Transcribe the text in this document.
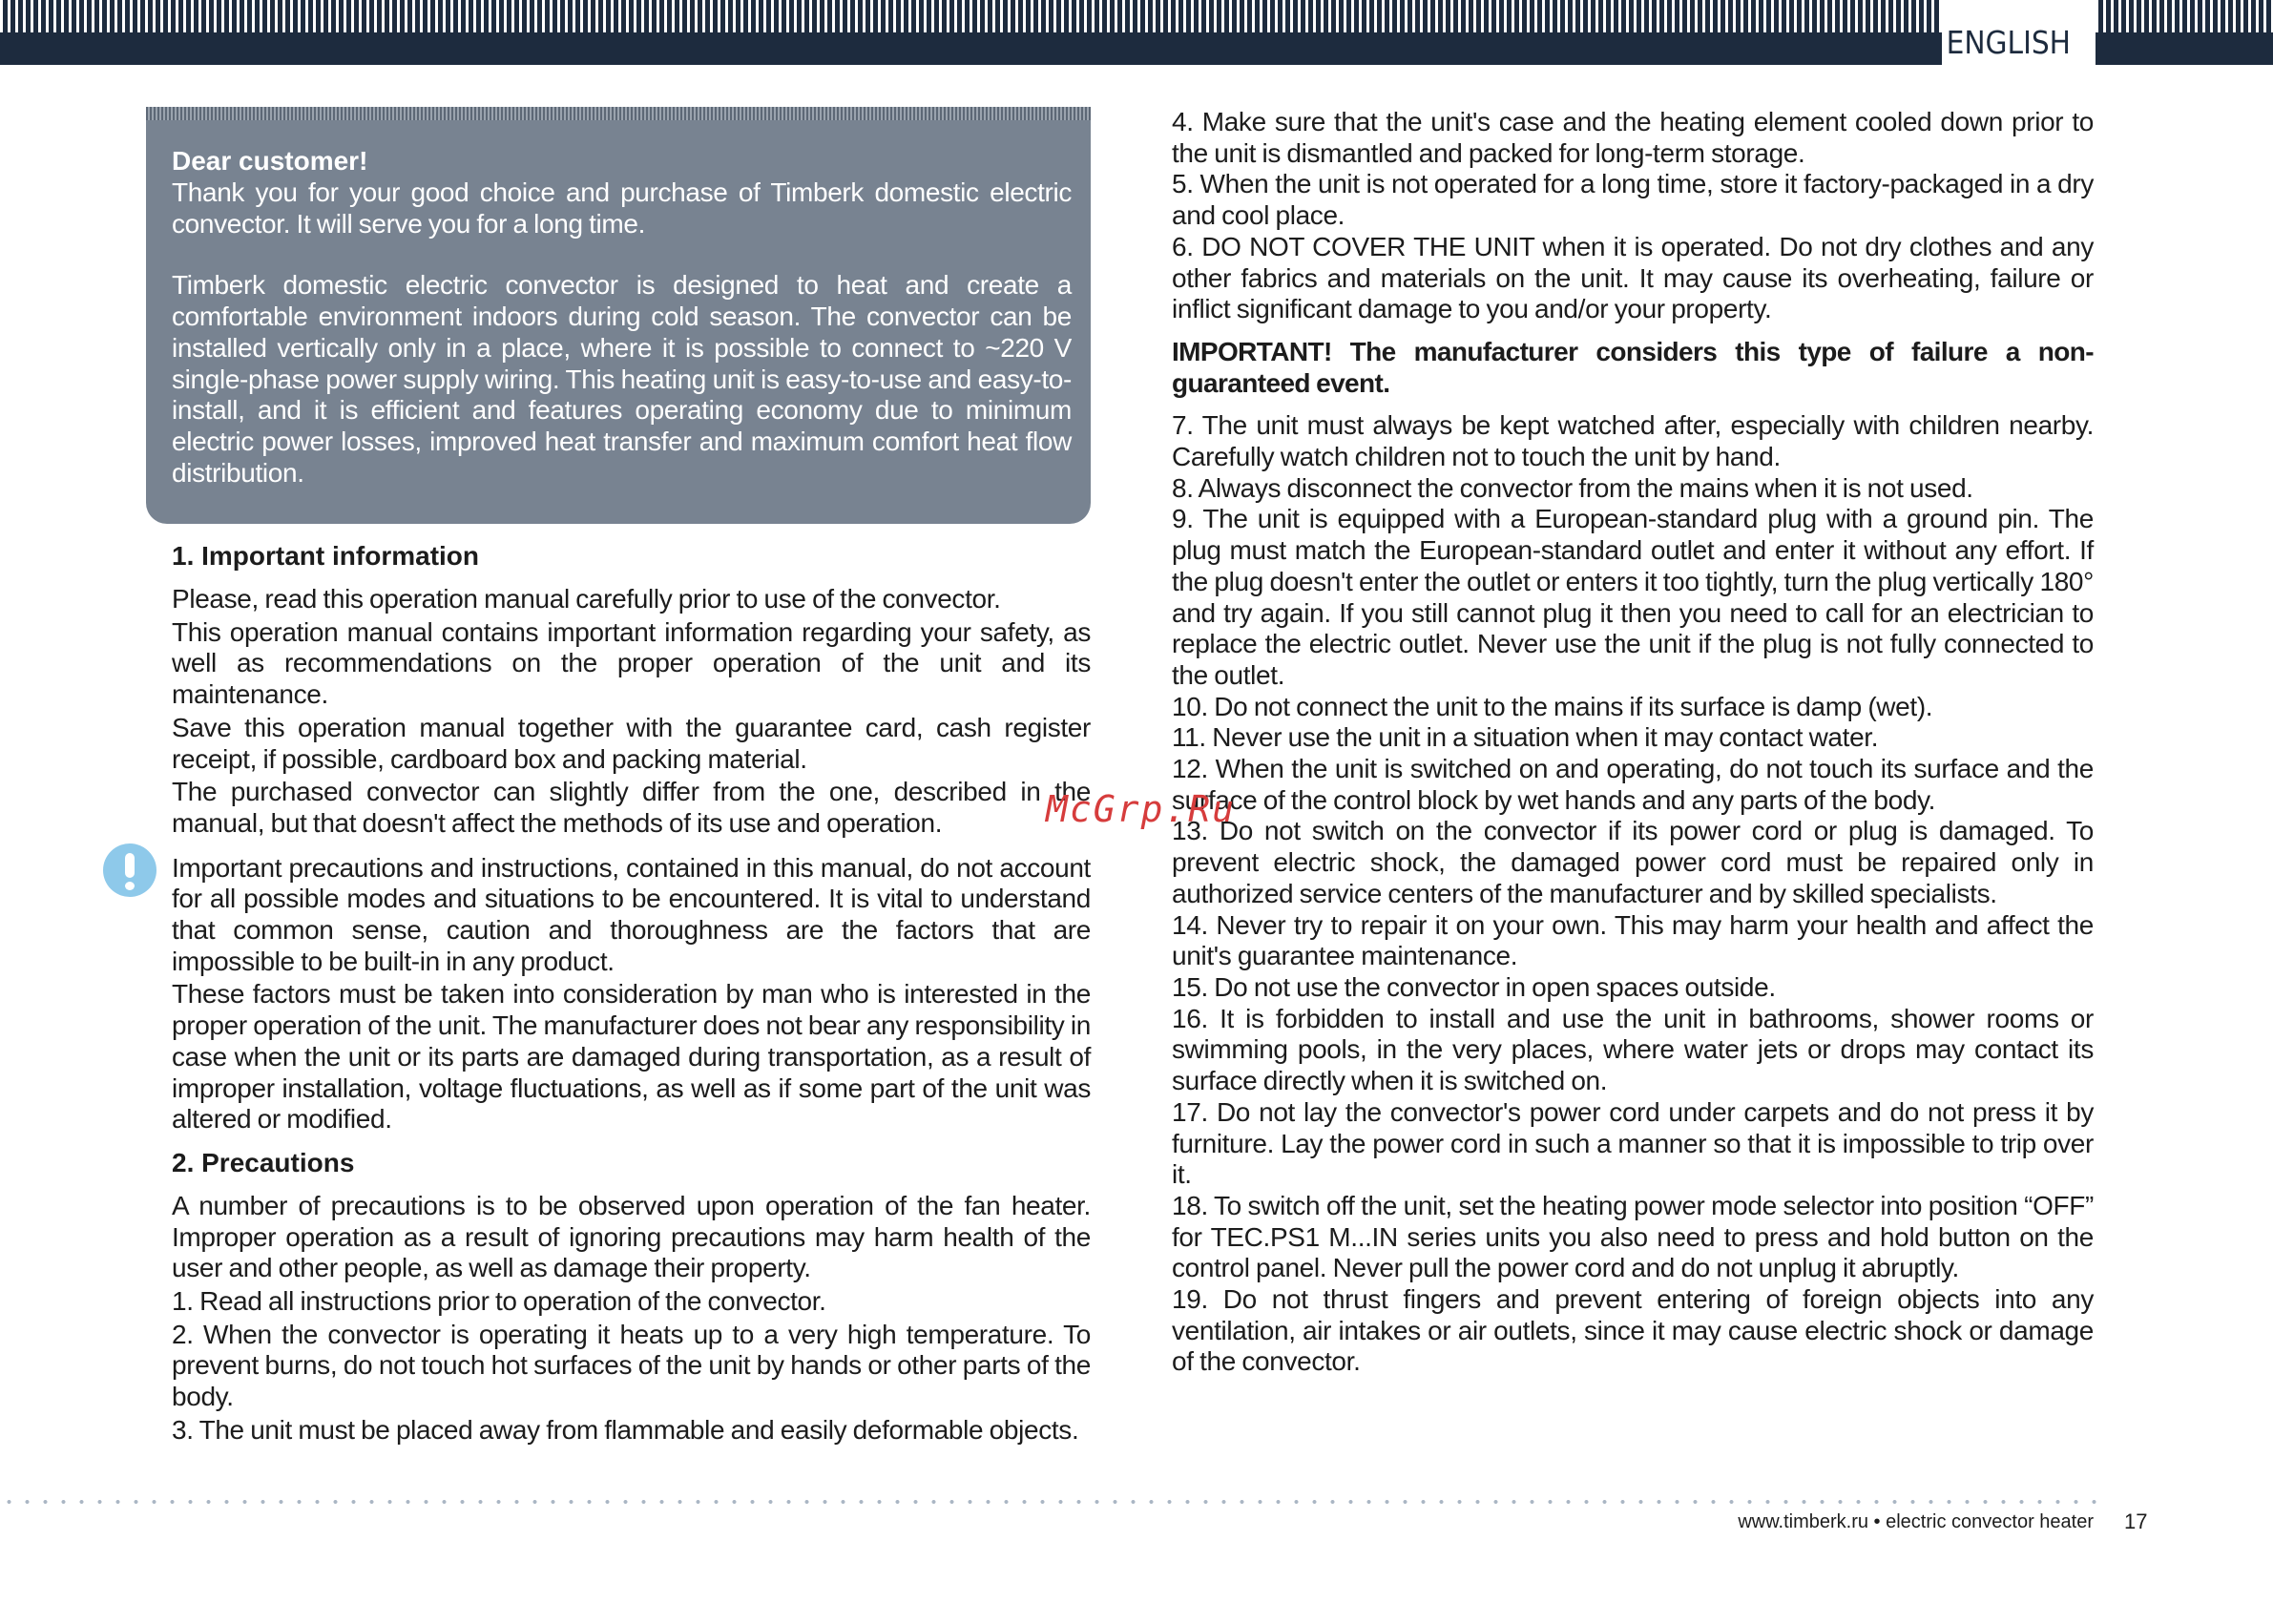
ENGLISH

Dear customer!

Thank you for your good choice and purchase of Timberk domestic electric convector. It will serve you for a long time.

Timberk domestic electric convector is designed to heat and create a comfortable environment indoors during cold season. The convector can be installed vertically only in a place, where it is possible to connect to ~220 V single-phase power supply wiring. This heating unit is easy-to-use and easy-to-install, and it is efficient and features operating economy due to minimum electric power losses, improved heat transfer and maximum comfort heat flow distribution.

1. Important information

Please, read this operation manual carefully prior to use of the convector.

This operation manual contains important information regarding your safety, as well as recommendations on the proper operation of the unit and its maintenance.

Save this operation manual together with the guarantee card, cash register receipt, if possible, cardboard box and packing material.

The purchased convector can slightly differ from the one, described in the manual, but that doesn't affect the methods of its use and operation.

Important precautions and instructions, contained in this manual, do not account for all possible modes and situations to be encountered. It is vital to understand that common sense, caution and thoroughness are the factors that are impossible to be built-in in any product.

These factors must be taken into consideration by man who is interested in the proper operation of the unit. The manufacturer does not bear any responsibility in case when the unit or its parts are damaged during transportation, as a result of improper installation, voltage fluctuations, as well as if some part of the unit was altered or modified.

2. Precautions

A number of precautions is to be observed upon operation of the fan heater. Improper operation as a result of ignoring precautions may harm health of the user and other people, as well as damage their property.

1. Read all instructions prior to operation of the convector.

2. When the convector is operating it heats up to a very high temperature. To prevent burns, do not touch hot surfaces of the unit by hands or other parts of the body.

3. The unit must be placed away from flammable and easily deformable objects.

4. Make sure that the unit's case and the heating element cooled down prior to the unit is dismantled and packed for long-term storage.

5. When the unit is not operated for a long time, store it factory-packaged in a dry and cool place.

6. DO NOT COVER THE UNIT when it is operated. Do not dry clothes and any other fabrics and materials on the unit. It may cause its overheating, failure or inflict significant damage to you and/or your property.

IMPORTANT! The manufacturer considers this type of failure a non-guaranteed event.

7. The unit must always be kept watched after, especially with children nearby. Carefully watch children not to touch the unit by hand.

8. Always disconnect the convector from the mains when it is not used.

9. The unit is equipped with a European-standard plug with a ground pin. The plug must match the European-standard outlet and enter it without any effort. If the plug doesn't enter the outlet or enters it too tightly, turn the plug vertically 180° and try again. If you still cannot plug it then you need to call for an electrician to replace the electric outlet. Never use the unit if the plug is not fully connected to the outlet.

10. Do not connect the unit to the mains if its surface is damp (wet).

11. Never use the unit in a situation when it may contact water.

12. When the unit is switched on and operating, do not touch its surface and the surface of the control block by wet hands and any parts of the body.

13. Do not switch on the convector if its power cord or plug is damaged. To prevent electric shock, the damaged power cord must be repaired only in authorized service centers of the manufacturer and by skilled specialists.

14. Never try to repair it on your own. This may harm your health and affect the unit's guarantee maintenance.

15. Do not use the convector in open spaces outside.

16. It is forbidden to install and use the unit in bathrooms, shower rooms or swimming pools, in the very places, where water jets or drops may contact its surface directly when it is switched on.

17. Do not lay the convector's power cord under carpets and do not press it by furniture. Lay the power cord in such a manner so that it is impossible to trip over it.

18. To switch off the unit, set the heating power mode selector into position “OFF” for TEC.PS1 M...IN series units you also need to press and hold button on the control panel. Never pull the power cord and do not unplug it abruptly.

19. Do not thrust fingers and prevent entering of foreign objects into any ventilation, air intakes or air outlets, since it may cause electric shock or damage of the convector.

McGrp.Ru
www.timberk.ru • electric convector heater 17
